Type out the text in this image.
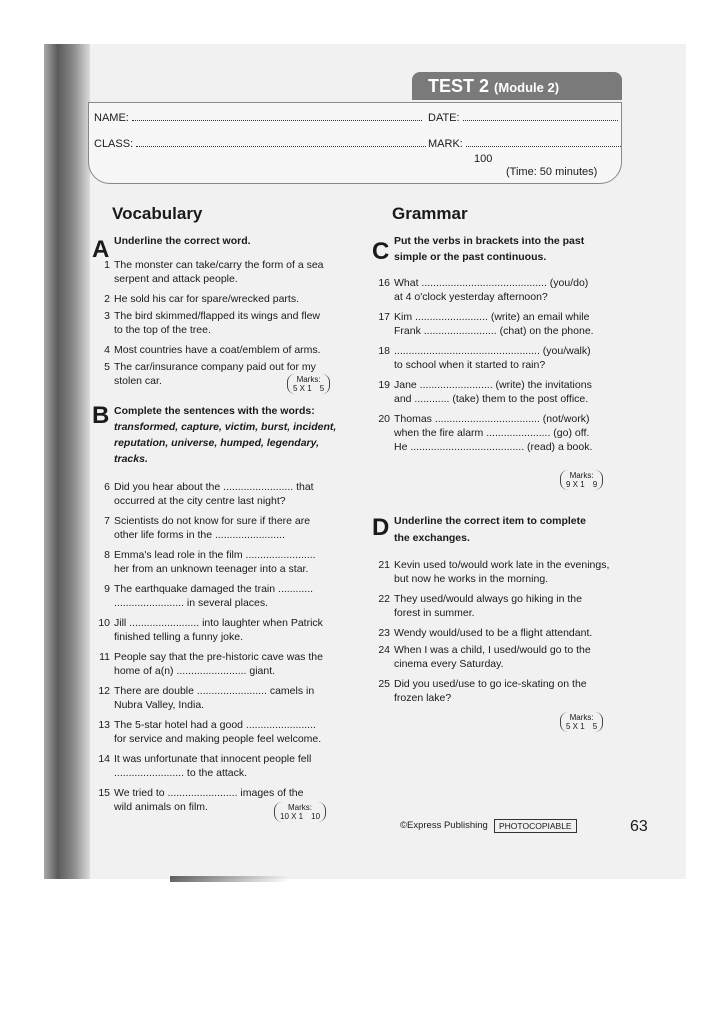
TEST 2 (Module 2)
NAME:	DATE:
CLASS:	MARK:
100
(Time: 50 minutes)
Vocabulary	Grammar
A Underline the correct word.
1 The monster can take/carry the form of a sea
serpent and attack people.
2 He sold his car for spare/wrecked parts.
3 The bird skimmed/flapped its wings and flew
to the top of the tree.
4 Most countries have a coat/emblem of arms.
5 The car/insurance company paid out for my
stolen car.	Marks:
5 X 1 5
B Complete the sentences with the words:
transformed, capture, victim, burst, incident,
reputation, universe, humped, legendary,
tracks.
6 Did you hear about the ........................ that
occurred at the city centre last night?
7 Scientists do not know for sure if there are
other life forms in the ........................
8 Emma's lead role in the film ........................
her from an unknown teenager into a star.
9 The earthquake damaged the train ............
........................ in several places.
10 Jill ........................ into laughter when Patrick
finished telling a funny joke.
11 People say that the pre-historic cave was the
home of a(n) ........................ giant.
12 There are double ........................ camels in
Nubra Valley, India.
13 The 5-star hotel had a good ........................
for service and making people feel welcome.
14 It was unfortunate that innocent people fell
........................ to the attack.
15 We tried to ........................ images of the
wild animals on film.	Marks:
10 X 1 10
C Put the verbs in brackets into the past
simple or the past continuous.
16 What ........................................... (you/do)
at 4 o'clock yesterday afternoon?
17 Kim ......................... (write) an email while
Frank ......................... (chat) on the phone.
18 .................................................. (you/walk)
to school when it started to rain?
19 Jane ......................... (write) the invitations
and ............ (take) them to the post office.
20 Thomas .................................... (not/work)
when the fire alarm ...................... (go) off.
He ....................................... (read) a book.
Marks:
9 X 1 9
D Underline the correct item to complete
the exchanges.
21 Kevin used to/would work late in the evenings,
but now he works in the morning.
22 They used/would always go hiking in the
forest in summer.
23 Wendy would/used to be a flight attendant.
24 When I was a child, I used/would go to the
cinema every Saturday.
25 Did you used/use to go ice-skating on the
frozen lake?
Marks:
5 X 1 5
©Express Publishing	PHOTOCOPIABLE	63
